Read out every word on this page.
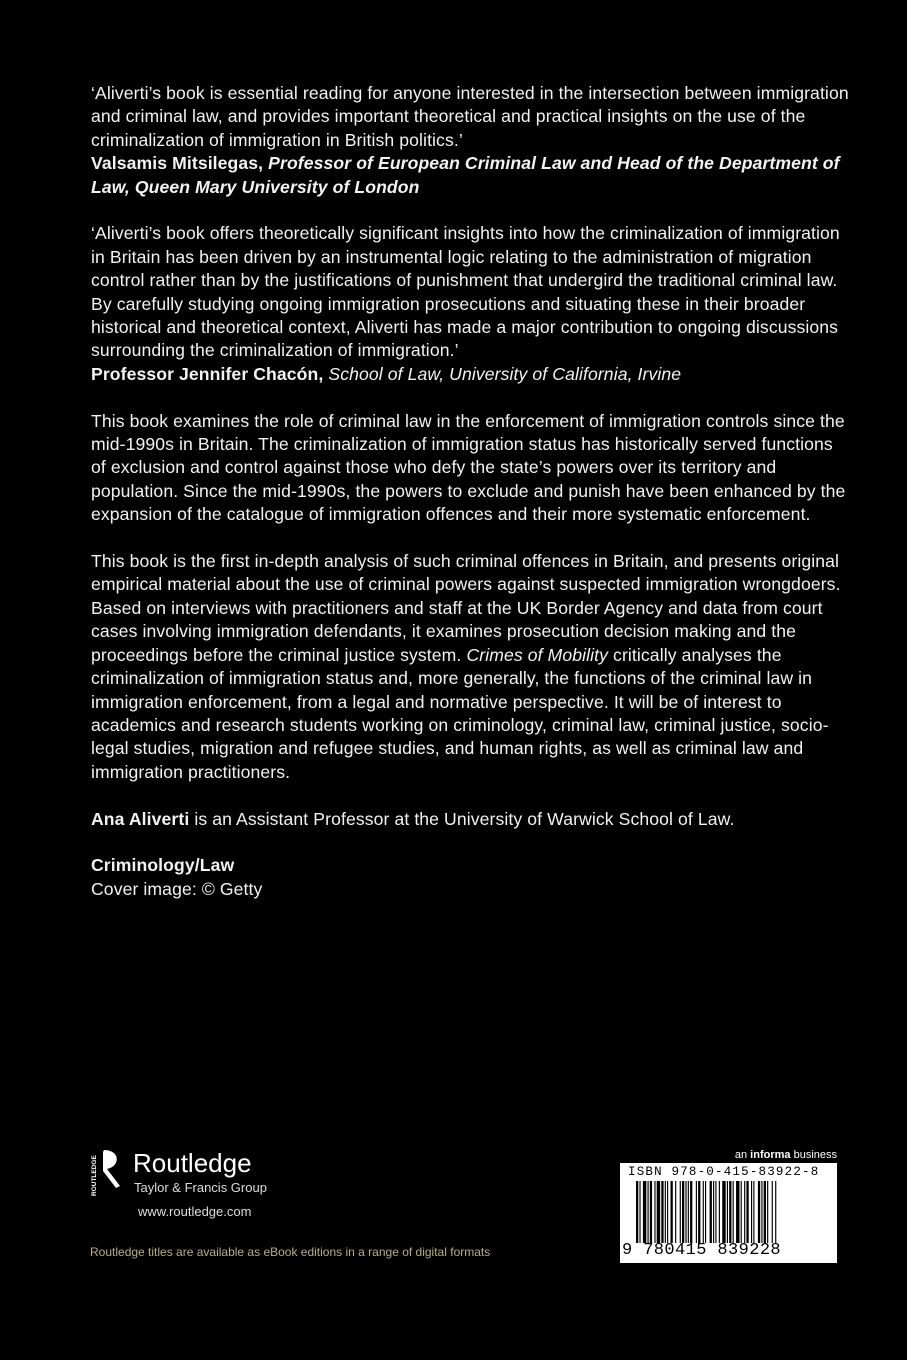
‘Aliverti’s book is essential reading for anyone interested in the intersection between immigration and criminal law, and provides important theoretical and practical insights on the use of the criminalization of immigration in British politics.’

Valsamis Mitsilegas, Professor of European Criminal Law and Head of the Department of Law, Queen Mary University of London

‘Aliverti’s book offers theoretically significant insights into how the criminalization of immigration in Britain has been driven by an instrumental logic relating to the administration of migration control rather than by the justifications of punishment that undergird the traditional criminal law. By carefully studying ongoing immigration prosecutions and situating these in their broader historical and theoretical context, Aliverti has made a major contribution to ongoing discussions surrounding the criminalization of immigration.’

Professor Jennifer Chacón, School of Law, University of California, Irvine

This book examines the role of criminal law in the enforcement of immigration controls since the mid-1990s in Britain. The criminalization of immigration status has historically served functions of exclusion and control against those who defy the state’s powers over its territory and population. Since the mid-1990s, the powers to exclude and punish have been enhanced by the expansion of the catalogue of immigration offences and their more systematic enforcement.

This book is the first in-depth analysis of such criminal offences in Britain, and presents original empirical material about the use of criminal powers against suspected immigration wrongdoers. Based on interviews with practitioners and staff at the UK Border Agency and data from court cases involving immigration defendants, it examines prosecution decision making and the proceedings before the criminal justice system. Crimes of Mobility critically analyses the criminalization of immigration status and, more generally, the functions of the criminal law in immigration enforcement, from a legal and normative perspective. It will be of interest to academics and research students working on criminology, criminal law, criminal justice, socio-legal studies, migration and refugee studies, and human rights, as well as criminal law and immigration practitioners.

Ana Aliverti is an Assistant Professor at the University of Warwick School of Law.

Criminology/Law

Cover image: © Getty

ROUTLEDGE Routledge
Taylor & Francis Group
www.routledge.com
Routledge titles are available as eBook editions in a range of digital formats
an informa business
ISBN 978-0-415-83922-8
9 780415 839228
